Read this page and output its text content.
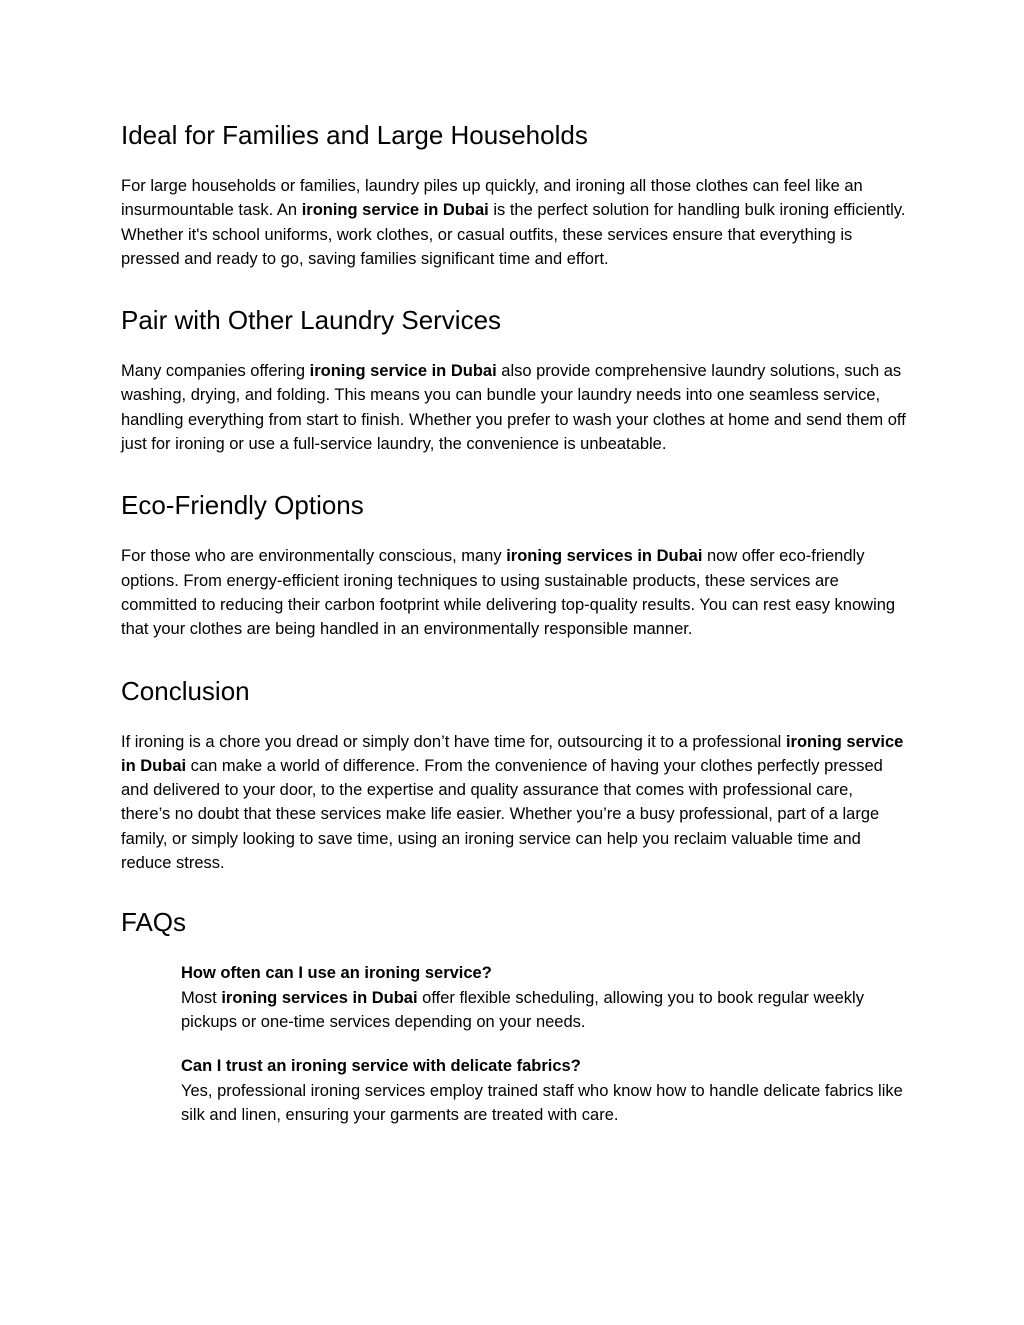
Ideal for Families and Large Households

For large households or families, laundry piles up quickly, and ironing all those clothes can feel like an insurmountable task. An ironing service in Dubai is the perfect solution for handling bulk ironing efficiently. Whether it's school uniforms, work clothes, or casual outfits, these services ensure that everything is pressed and ready to go, saving families significant time and effort.

Pair with Other Laundry Services

Many companies offering ironing service in Dubai also provide comprehensive laundry solutions, such as washing, drying, and folding. This means you can bundle your laundry needs into one seamless service, handling everything from start to finish. Whether you prefer to wash your clothes at home and send them off just for ironing or use a full-service laundry, the convenience is unbeatable.

Eco-Friendly Options

For those who are environmentally conscious, many ironing services in Dubai now offer eco-friendly options. From energy-efficient ironing techniques to using sustainable products, these services are committed to reducing their carbon footprint while delivering top-quality results. You can rest easy knowing that your clothes are being handled in an environmentally responsible manner.

Conclusion

If ironing is a chore you dread or simply don’t have time for, outsourcing it to a professional ironing service in Dubai can make a world of difference. From the convenience of having your clothes perfectly pressed and delivered to your door, to the expertise and quality assurance that comes with professional care, there’s no doubt that these services make life easier. Whether you’re a busy professional, part of a large family, or simply looking to save time, using an ironing service can help you reclaim valuable time and reduce stress.

FAQs
How often can I use an ironing service?
Most ironing services in Dubai offer flexible scheduling, allowing you to book regular weekly pickups or one-time services depending on your needs.
Can I trust an ironing service with delicate fabrics?
Yes, professional ironing services employ trained staff who know how to handle delicate fabrics like silk and linen, ensuring your garments are treated with care.
